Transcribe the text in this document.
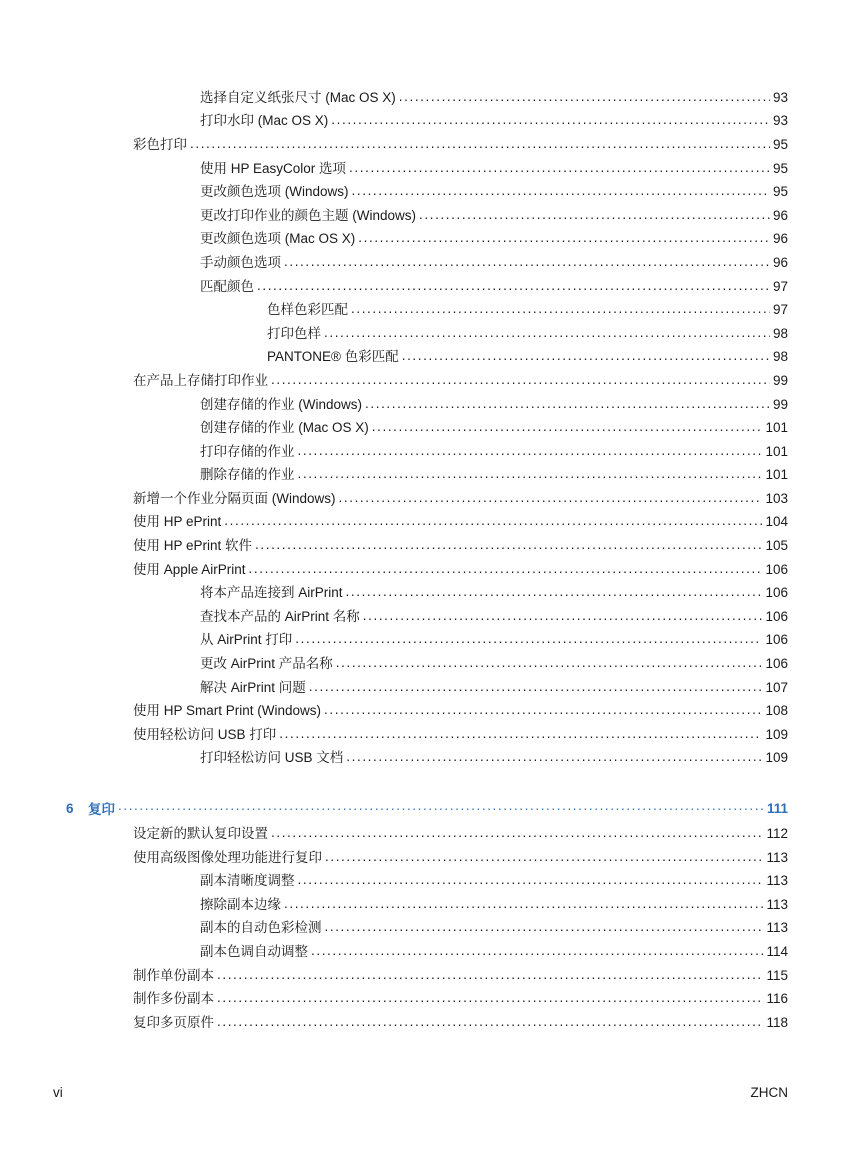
选择自定义纸张尺寸 (Mac OS X) .....	93
打印水印 (Mac OS X) .....	93
彩色打印 .....	95
使用 HP EasyColor 选项 .....	95
更改颜色选项 (Windows) .....	95
更改打印作业的颜色主题 (Windows) .....	96
更改颜色选项 (Mac OS X) .....	96
手动颜色选项 .....	96
匹配颜色 .....	97
色样色彩匹配 .....	97
打印色样 .....	98
PANTONE® 色彩匹配 .....	98
在产品上存储打印作业 .....	99
创建存储的作业 (Windows) .....	99
创建存储的作业 (Mac OS X) .....	101
打印存储的作业 .....	101
删除存储的作业 .....	101
新增一个作业分隔页面 (Windows) .....	103
使用 HP ePrint .....	104
使用 HP ePrint 软件 .....	105
使用 Apple AirPrint .....	106
将本产品连接到 AirPrint .....	106
查找本产品的 AirPrint 名称 .....	106
从 AirPrint 打印 .....	106
更改 AirPrint 产品名称 .....	106
解决 AirPrint 问题 .....	107
使用 HP Smart Print (Windows) .....	108
使用轻松访问 USB 打印 .....	109
打印轻松访问 USB 文档 .....	109
6	复印 .....	111
设定新的默认复印设置 .....	112
使用高级图像处理功能进行复印 .....	113
副本清晰度调整 .....	113
擦除副本边缘 .....	113
副本的自动色彩检测 .....	113
副本色调自动调整 .....	114
制作单份副本 .....	115
制作多份副本 .....	116
复印多页原件 .....	118
vi	ZHCN
